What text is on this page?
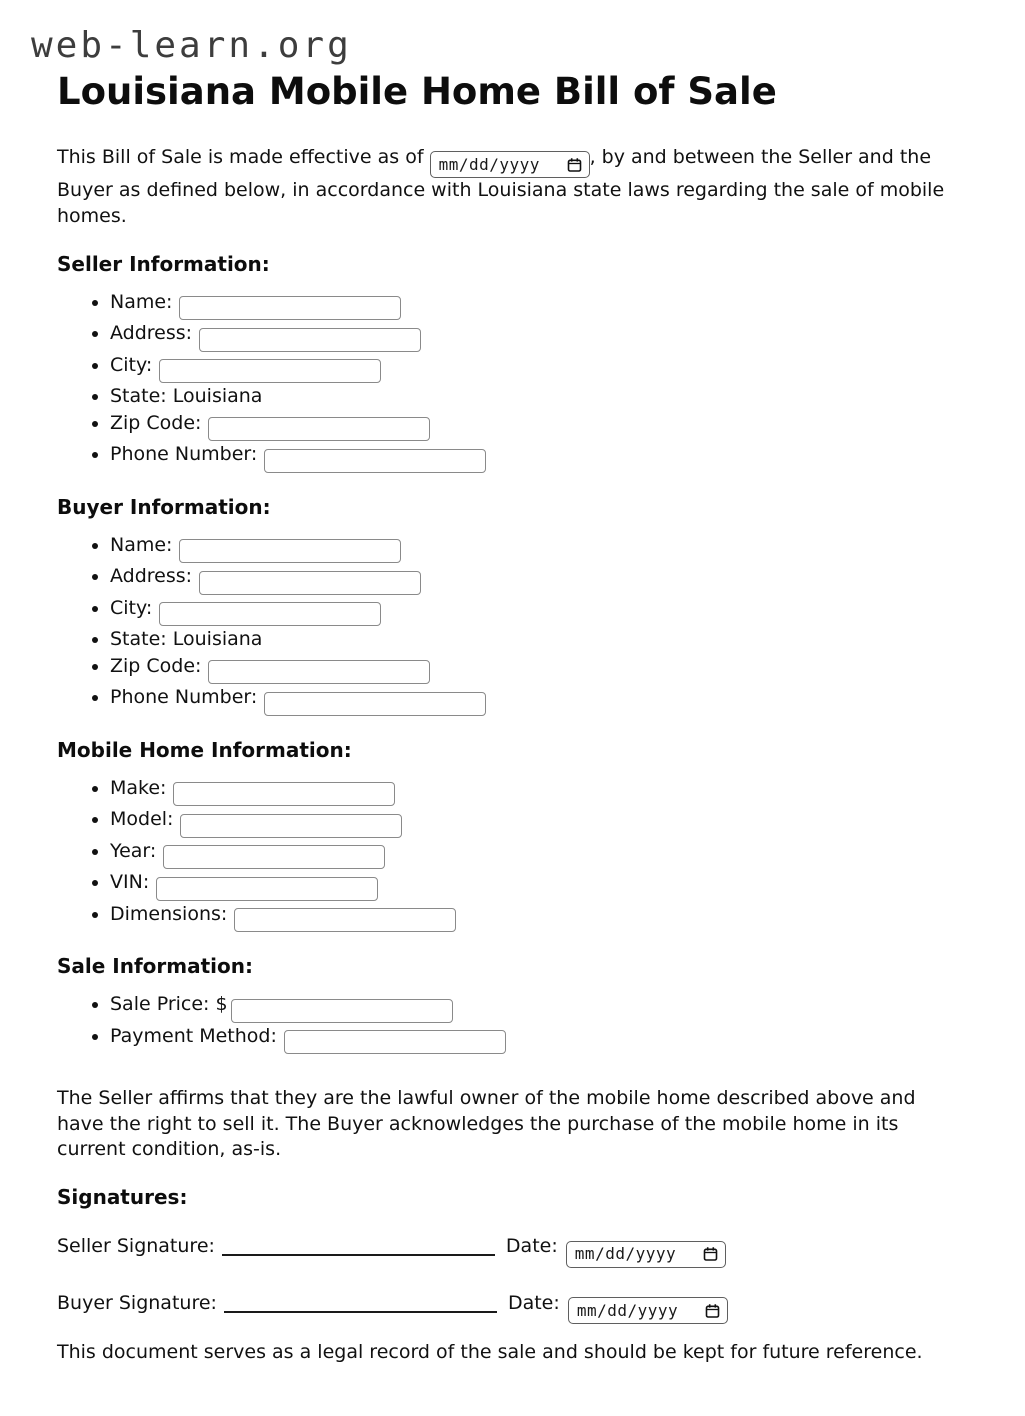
web-learn.org
Louisiana Mobile Home Bill of Sale

This Bill of Sale is made effective as of mm/dd/yyyy	, by and between the Seller and the Buyer as defined below, in accordance with Louisiana state laws regarding the sale of mobile homes.

Seller Information:
• Name:
• Address:
• City:
• State: Louisiana
• Zip Code:
• Phone Number:
Buyer Information:
• Name:
• Address:
• City:
• State: Louisiana
• Zip Code:
• Phone Number:
Mobile Home Information:
• Make:
• Model:
• Year:
• VIN:
• Dimensions:
Sale Information:
• Sale Price: $
• Payment Method:

The Seller affirms that they are the lawful owner of the mobile home described above and have the right to sell it. The Buyer acknowledges the purchase of the mobile home in its current condition, as-is.

Signatures:

Seller Signature:	Date: mm/dd/yyyy

Buyer Signature:	Date: mm/dd/yyyy

This document serves as a legal record of the sale and should be kept for future reference.
